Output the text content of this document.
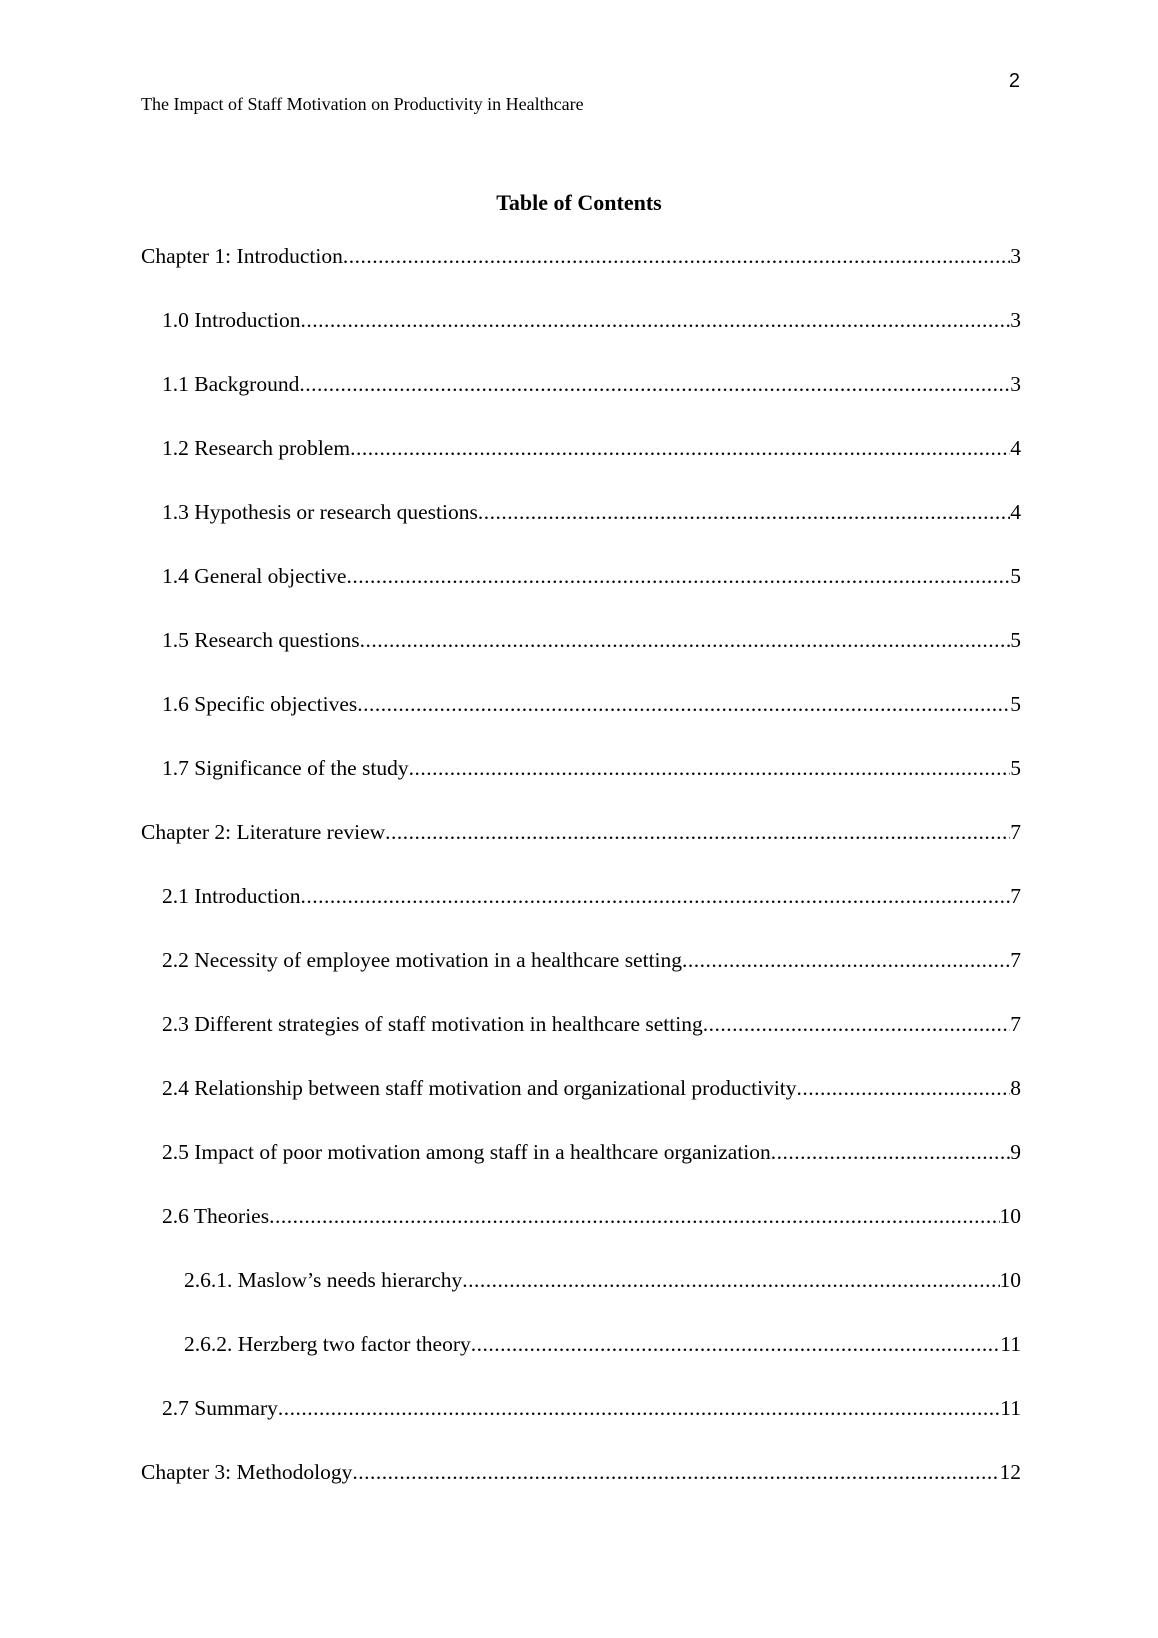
2
The Impact of Staff Motivation on Productivity in Healthcare
Table of Contents
Chapter 1: Introduction .....	3
1.0 Introduction .....	3
1.1 Background .....	3
1.2 Research problem .....	4
1.3 Hypothesis or research questions .....	4
1.4 General objective .....	5
1.5 Research questions .....	5
1.6 Specific objectives .....	5
1.7 Significance of the study .....	5
Chapter 2: Literature review .....	7
2.1 Introduction .....	7
2.2 Necessity of employee motivation in a healthcare setting .....	7
2.3 Different strategies of staff motivation in healthcare setting .....	7
2.4 Relationship between staff motivation and organizational productivity .....	8
2.5 Impact of poor motivation among staff in a healthcare organization .....	9
2.6 Theories .....	10
2.6.1. Maslow’s needs hierarchy .....	10
2.6.2. Herzberg two factor theory .....	11
2.7 Summary .....	11
Chapter 3: Methodology .....	12
